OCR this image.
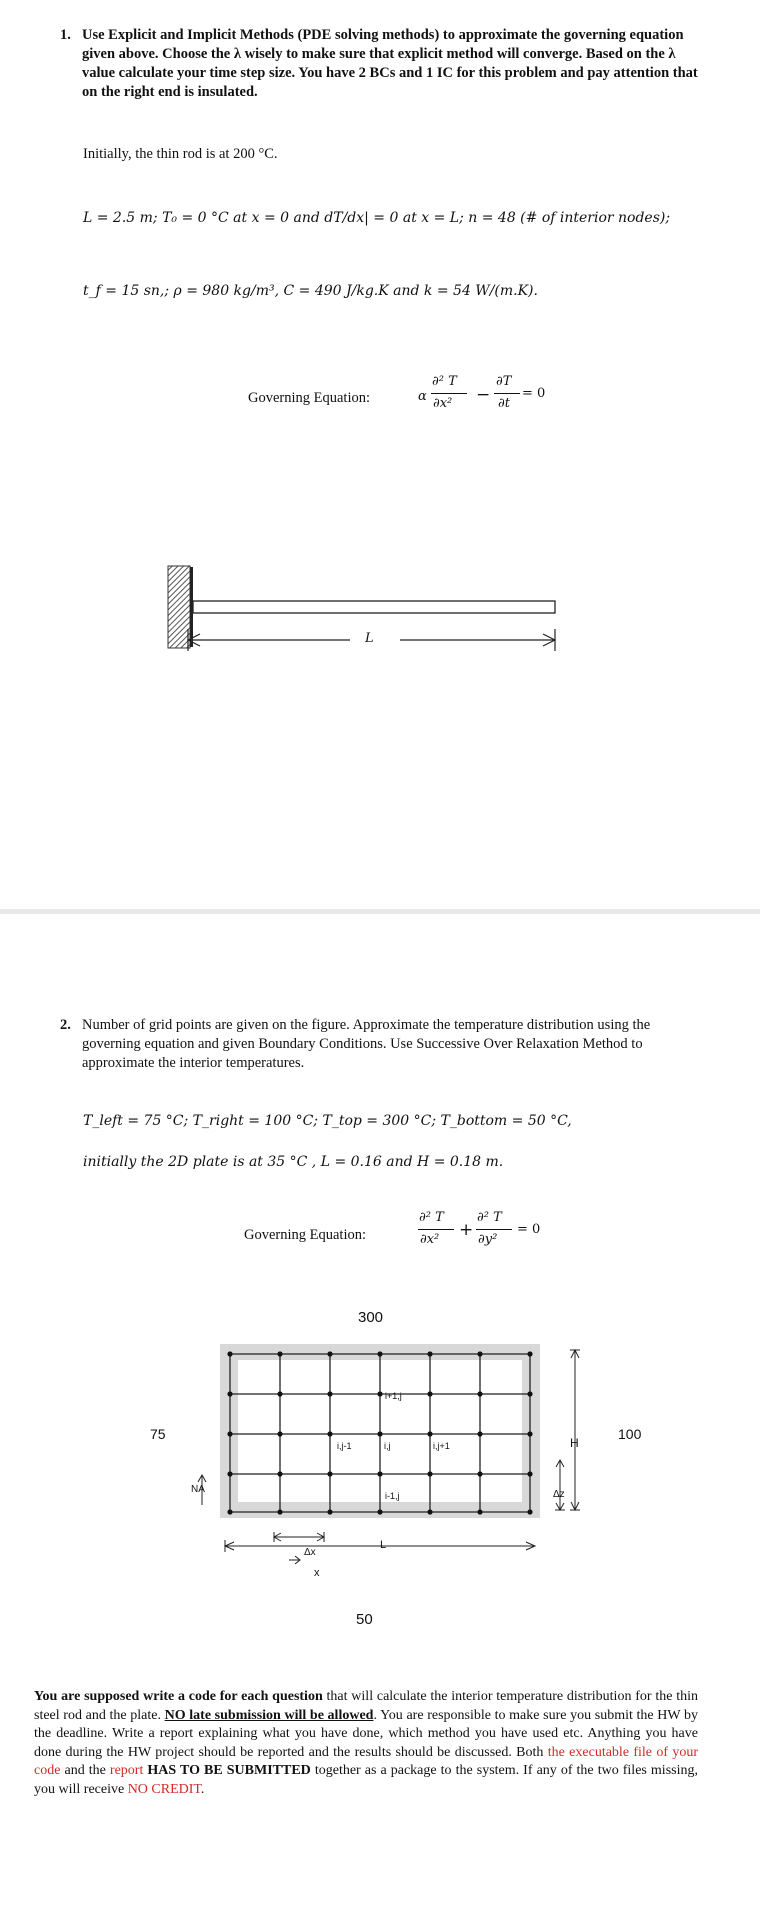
1. Use Explicit and Implicit Methods (PDE solving methods) to approximate the governing equation given above. Choose the λ wisely to make sure that explicit method will converge. Based on the λ value calculate your time step size. You have 2 BCs and 1 IC for this problem and pay attention that on the right end is insulated.
Initially, the thin rod is at 200 °C.
L = 2.5 m; T₀ = 0 °C at x = 0 and dT/dx| = 0 at x = L; n = 48 (# of interior nodes);
t_f = 15 sn,; ρ = 980 kg/m³, C = 490 J/kg.K and k = 54 W/(m.K).
Governing Equation:	α
∂² T
∂x² −
∂T
∂t
= 0
L
2. Number of grid points are given on the figure. Approximate the temperature distribution using the governing equation and given Boundary Conditions. Use Successive Over Relaxation Method to approximate the interior temperatures.
T_left = 75 °C; T_right = 100 °C; T_top = 300 °C; T_bottom = 50 °C,
initially the 2D plate is at 35 °C , L = 0.16 and H = 0.18 m.
Governing Equation:
∂² T
∂x² +
∂² T
∂y²
= 0
300
75	100
50
i+1,j
i,j-1	i,j	i,j+1
i-1,j
NA
Δx
L
x
H
Δz
You are supposed write a code for each question that will calculate the interior temperature distribution for the thin steel rod and the plate. NO late submission will be allowed. You are responsible to make sure you submit the HW by the deadline. Write a report explaining what you have done, which method you have used etc. Anything you have done during the HW project should be reported and the results should be discussed. Both the executable file of your code and the report HAS TO BE SUBMITTED together as a package to the system. If any of the two files missing, you will receive NO CREDIT.
